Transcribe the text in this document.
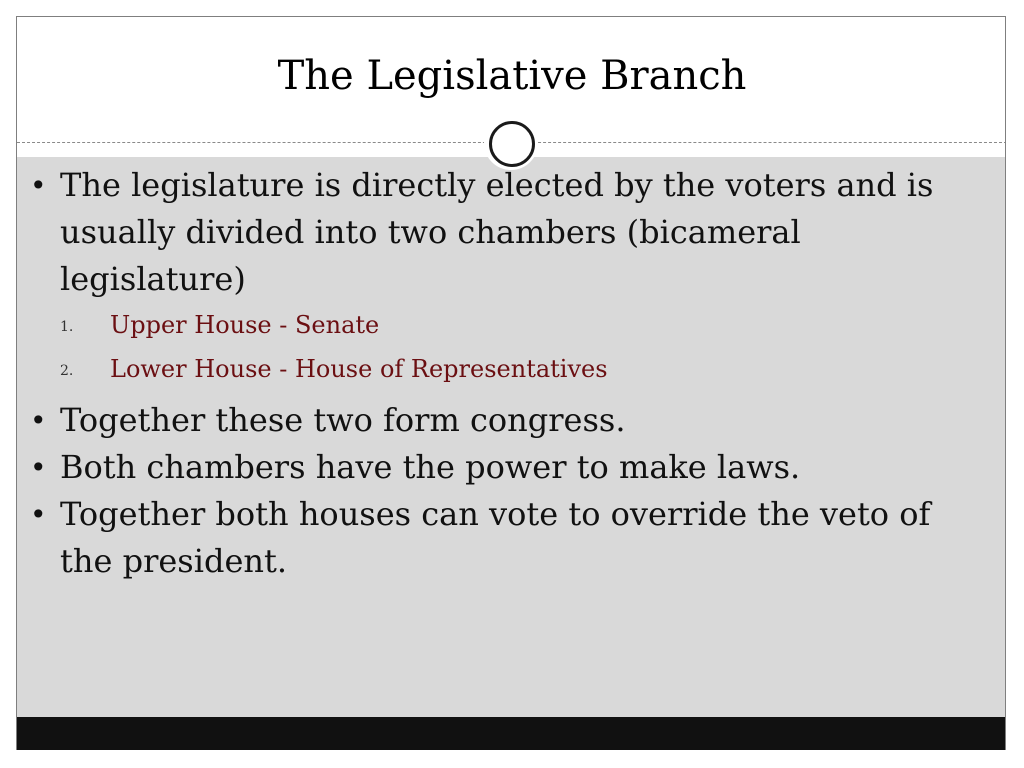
The Legislative Branch
• The legislature is directly elected by the voters and is usually divided into two chambers (bicameral legislature)
1. Upper House - Senate
2. Lower House - House of Representatives
• Together these two form congress.
• Both chambers have the power to make laws.
• Together both houses can vote to override the veto of the president.
